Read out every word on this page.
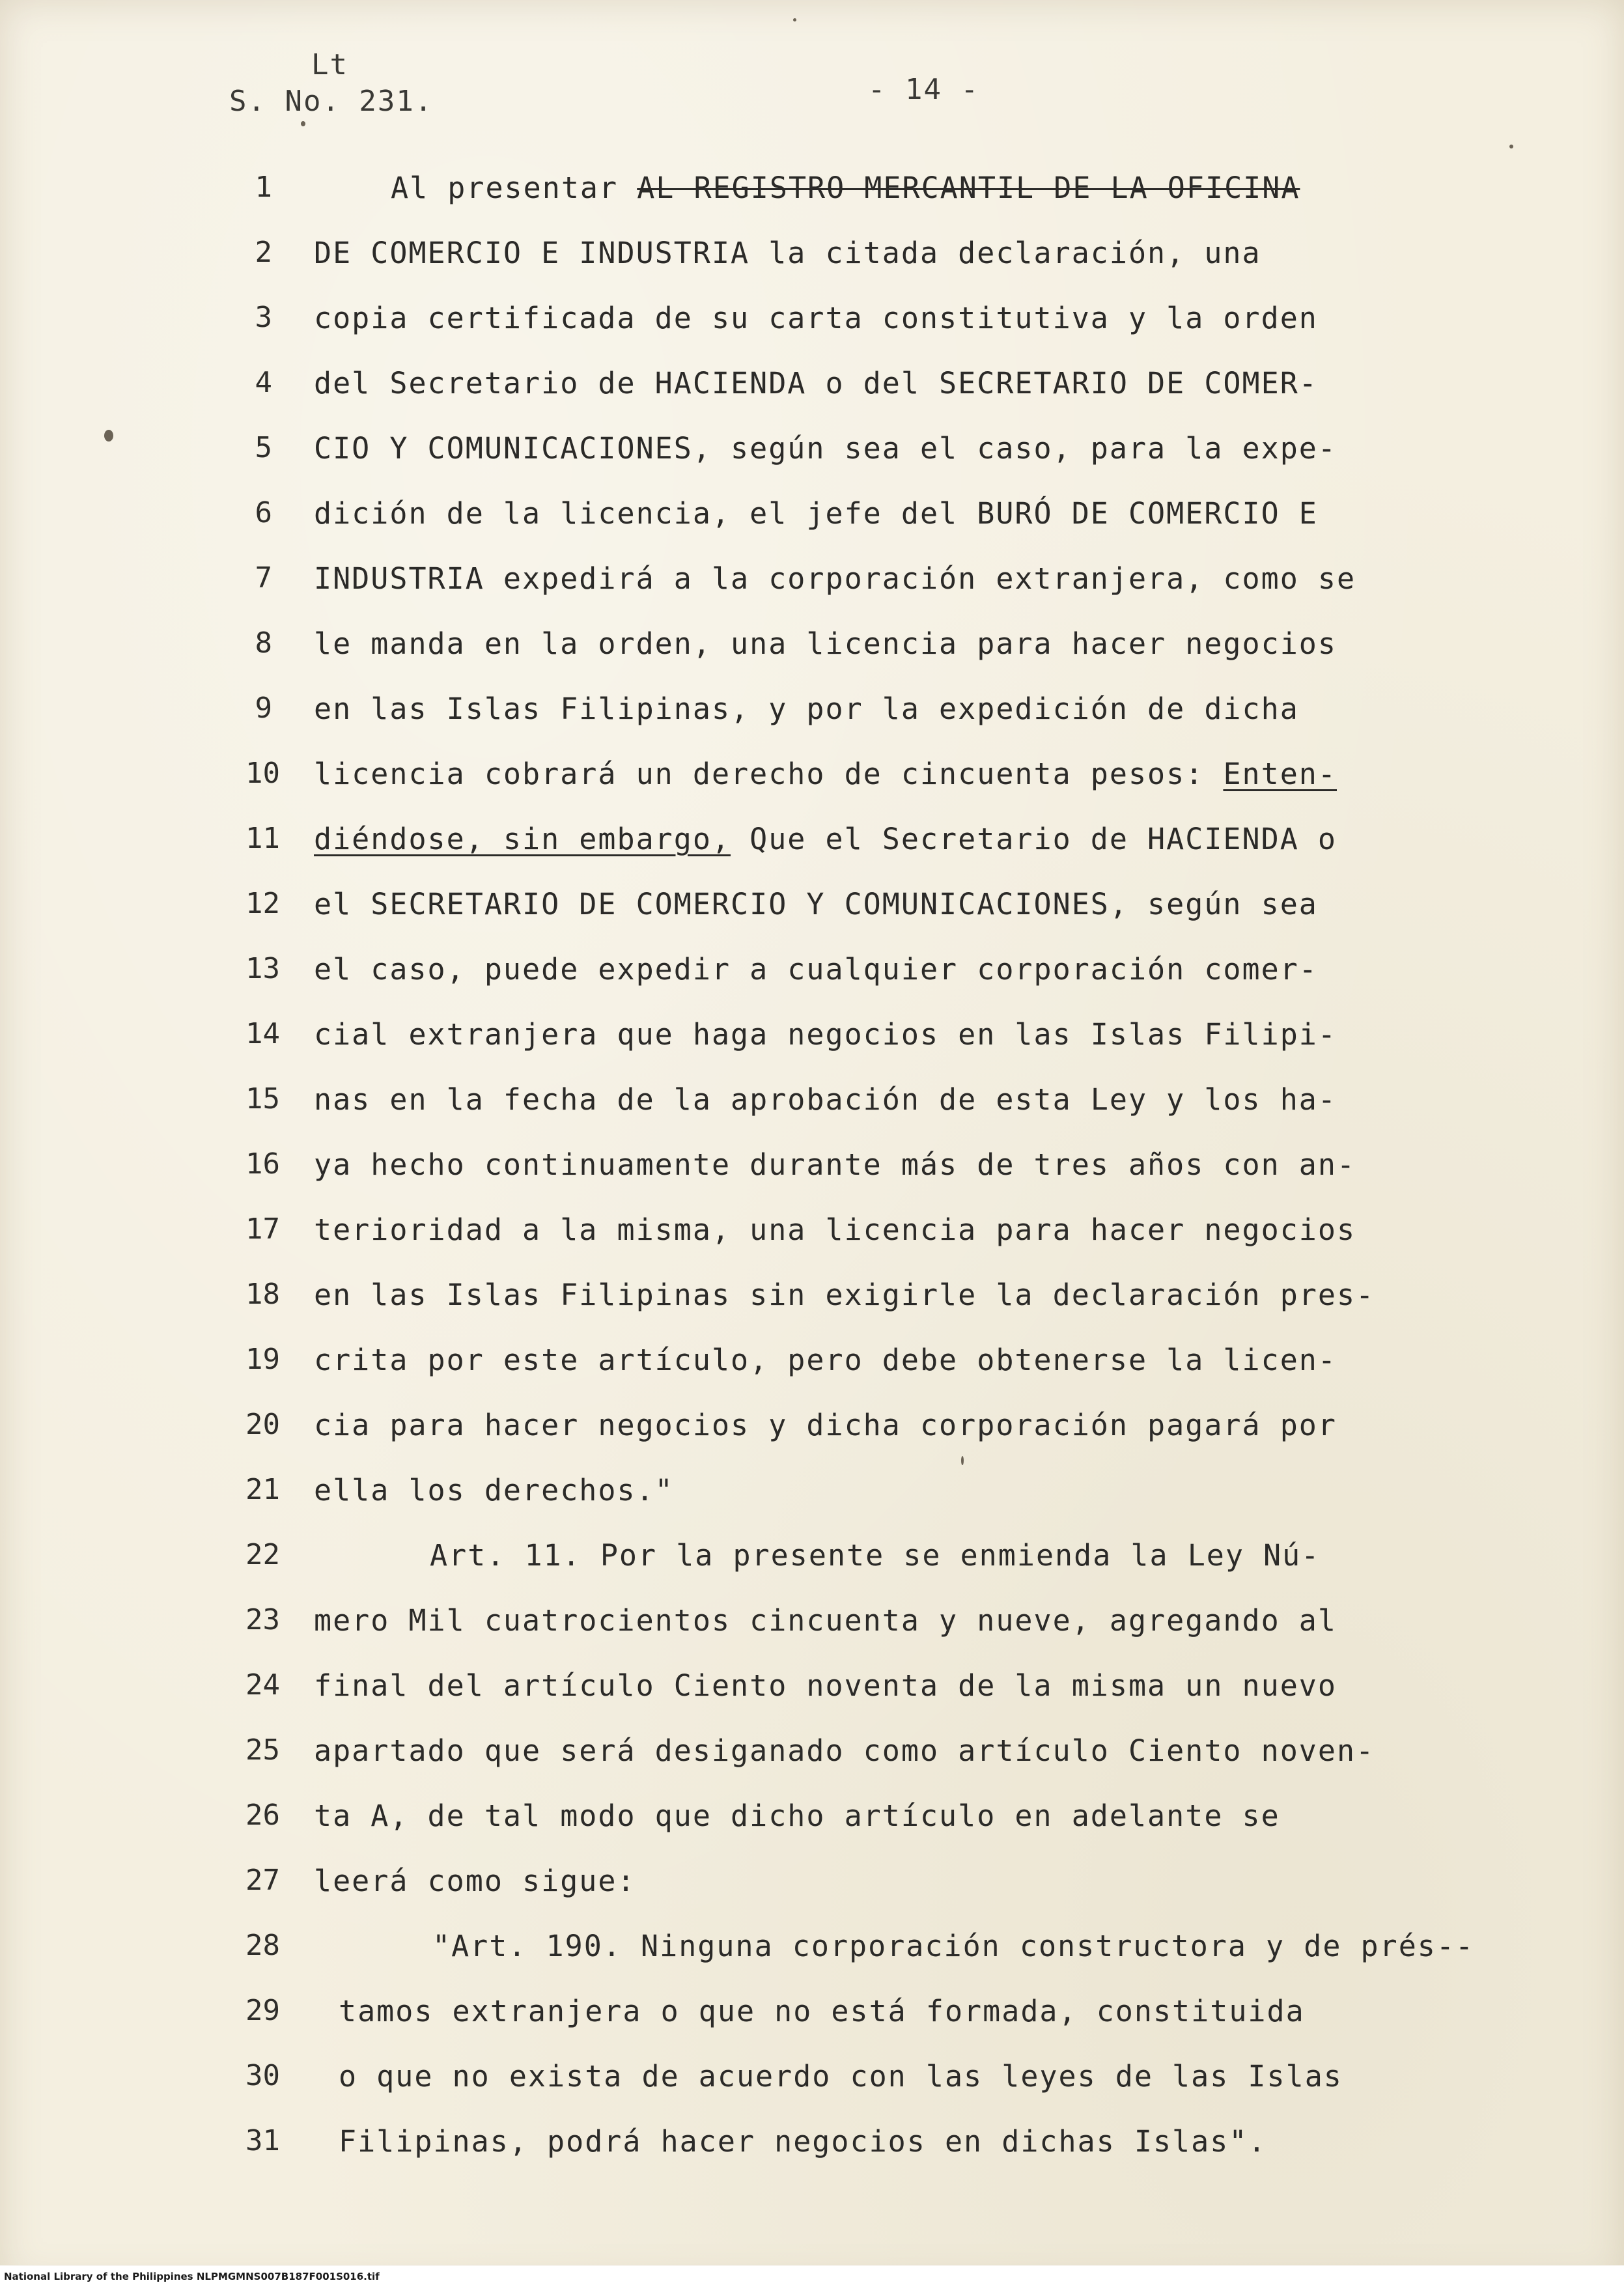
Lt
S. No. 231.	- 14 -
1	Al presentar AL REGISTRO MERCANTIL DE LA OFICINA
2 DE COMERCIO E INDUSTRIA la citada declaración, una
3 copia certificada de su carta constitutiva y la orden
4 del Secretario de HACIENDA o del SECRETARIO DE COMER-
5 CIO Y COMUNICACIONES, según sea el caso, para la expe-
6 dición de la licencia, el jefe del BURÓ DE COMERCIO E
7 INDUSTRIA expedirá a la corporación extranjera, como se
8 le manda en la orden, una licencia para hacer negocios
9 en las Islas Filipinas, y por la expedición de dicha
10 licencia cobrará un derecho de cincuenta pesos: Enten-
11 diéndose, sin embargo, Que el Secretario de HACIENDA o
12 el SECRETARIO DE COMERCIO Y COMUNICACIONES, según sea
13 el caso, puede expedir a cualquier corporación comer-
14 cial extranjera que haga negocios en las Islas Filipi-
15 nas en la fecha de la aprobación de esta Ley y los ha-
16 ya hecho continuamente durante más de tres años con an-
17 terioridad a la misma, una licencia para hacer negocios
18 en las Islas Filipinas sin exigirle la declaración pres-
19 crita por este artículo, pero debe obtenerse la licen-
20 cia para hacer negocios y dicha corporación pagará por
21 ella los derechos."
22	Art. 11. Por la presente se enmienda la Ley Nú-
23 mero Mil cuatrocientos cincuenta y nueve, agregando al
24 final del artículo Ciento noventa de la misma un nuevo
25 apartado que será desiganado como artículo Ciento noven-
26 ta A, de tal modo que dicho artículo en adelante se
27 leerá como sigue:
28	"Art. 190. Ninguna corporación constructora y de prés--
29 tamos extranjera o que no está formada, constituida
30 o que no exista de acuerdo con las leyes de las Islas
31 Filipinas, podrá hacer negocios en dichas Islas".
National Library of the Philippines NLPMGMNS007B187F001S016.tif
